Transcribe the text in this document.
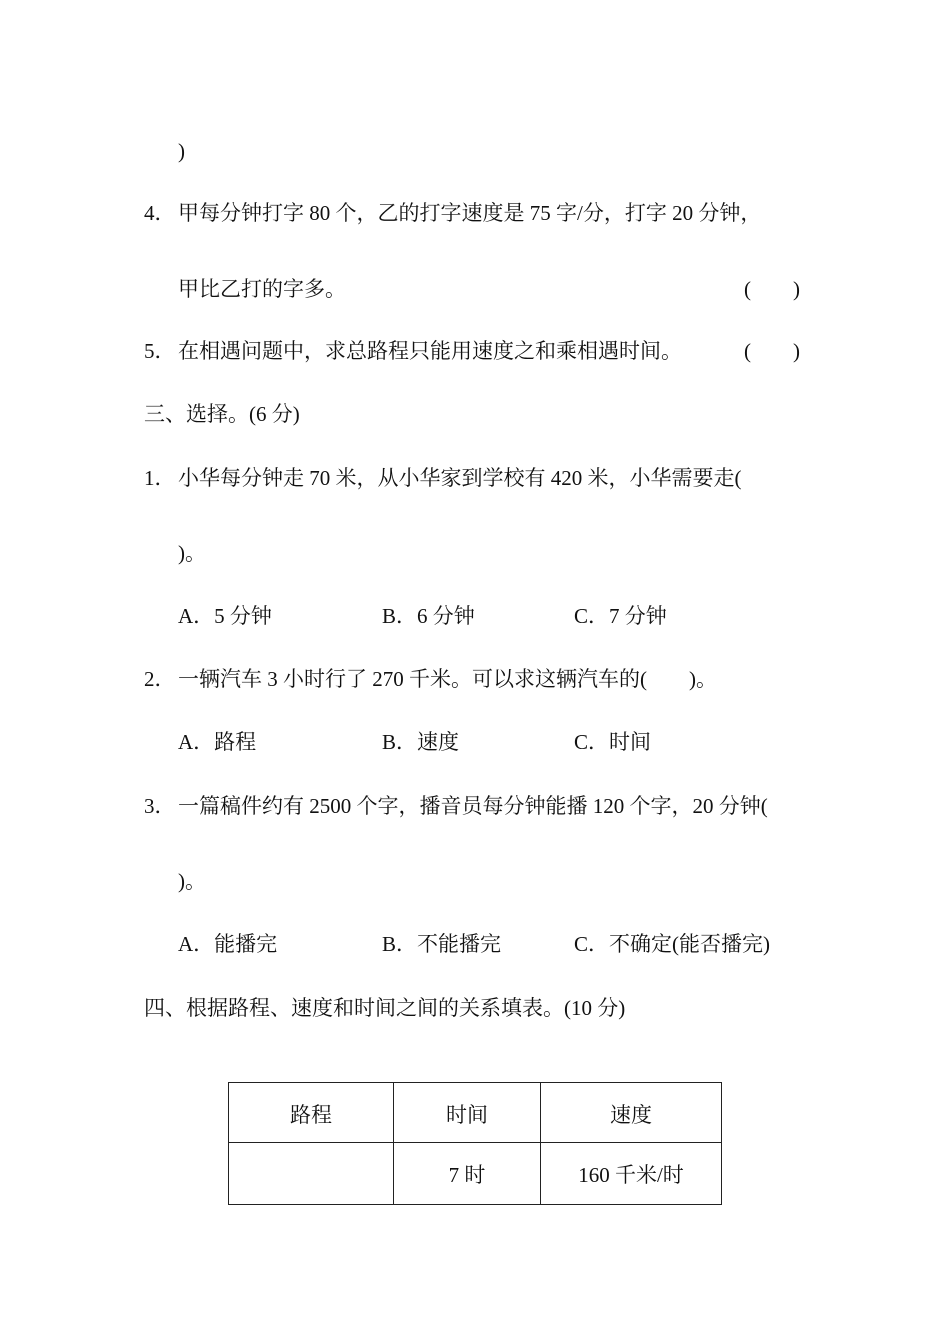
)
4． 甲每分钟打字 80 个，乙的打字速度是 75 字/分，打字 20 分钟，
甲比乙打的字多。	(　　)
5． 在相遇问题中，求总路程只能用速度之和乘相遇时间。	(　　)
三、选择。(6 分)
1． 小华每分钟走 70 米，从小华家到学校有 420 米，小华需要走(
)。
A．5 分钟	B．6 分钟	C．7 分钟
2． 一辆汽车 3 小时行了 270 千米。可以求这辆汽车的(　　)。
A．路程	B．速度	C．时间
3． 一篇稿件约有 2500 个字，播音员每分钟能播 120 个字，20 分钟(
)。
A．能播完	B．不能播完	C．不确定(能否播完)
四、根据路程、速度和时间之间的关系填表。(10 分)
路程	时间	速度
	7 时	160 千米/时
